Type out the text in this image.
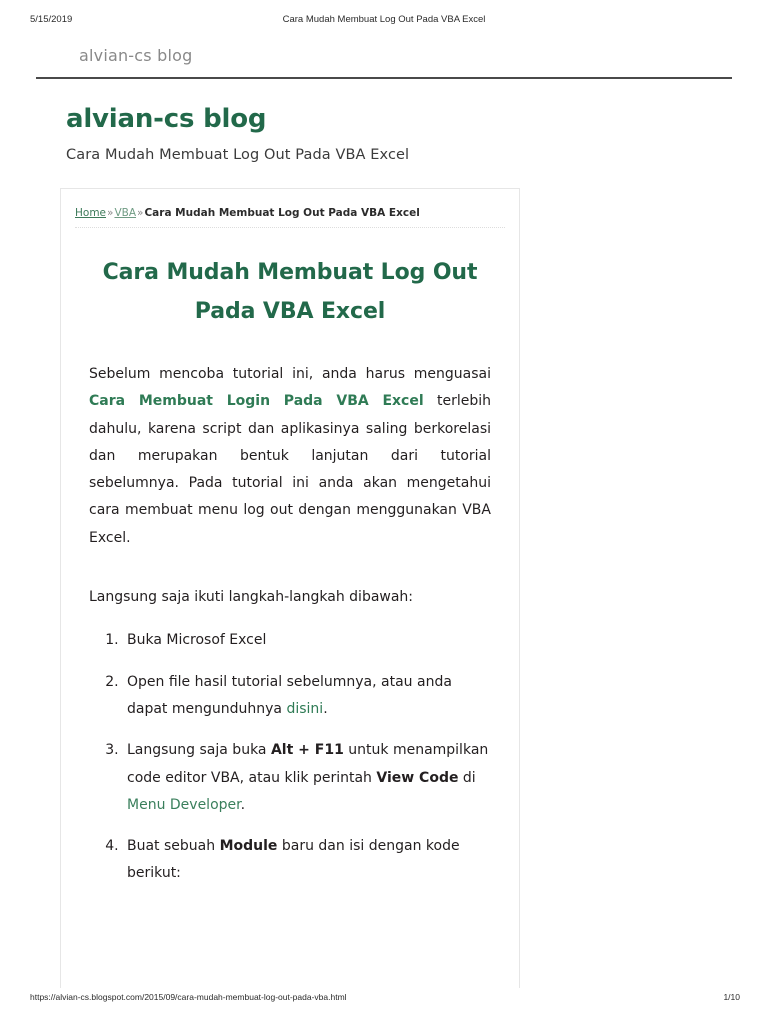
5/15/2019	Cara Mudah Membuat Log Out Pada VBA Excel
alvian-cs blog
alvian-cs blog
Cara Mudah Membuat Log Out Pada VBA Excel
Home»VBA»Cara Mudah Membuat Log Out Pada VBA Excel
Cara Mudah Membuat Log Out
Pada VBA Excel

Sebelum mencoba tutorial ini, anda harus menguasai Cara Membuat Login Pada VBA Excel terlebih dahulu, karena script dan aplikasinya saling berkorelasi dan merupakan bentuk lanjutan dari tutorial sebelumnya. Pada tutorial ini anda akan mengetahui cara membuat menu log out dengan menggunakan VBA Excel.

Langsung saja ikuti langkah-langkah dibawah:

1. Buka Microsof Excel
2. Open file hasil tutorial sebelumnya, atau anda dapat mengunduhnya disini.
3. Langsung saja buka Alt + F11 untuk menampilkan code editor VBA, atau klik perintah View Code di Menu Developer.
4. Buat sebuah Module baru dan isi dengan kode berikut:
https://alvian-cs.blogspot.com/2015/09/cara-mudah-membuat-log-out-pada-vba.html	1/10
